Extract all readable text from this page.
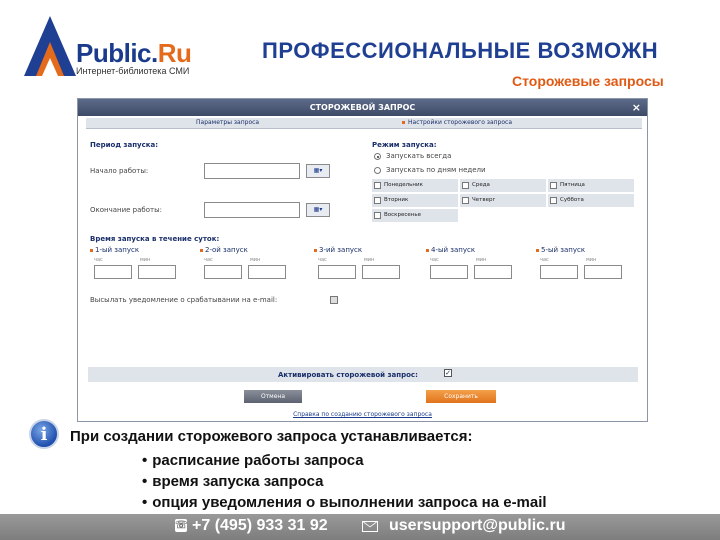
Public.Ru
Интернет-библиотека СМИ
ПРОФЕССИОНАЛЬНЫЕ ВОЗМОЖН
Сторожевые запросы
СТОРОЖЕВОЙ ЗАПРОС	×
Параметры запроса	Настройки сторожевого запроса
Период запуска:
Начало работы:	▦▾
Окончание работы:	▦▾
Режим запуска:
Запускать всегда
Запускать по дням недели
Понедельник	Среда	Пятница
Вторник	Четверг	Суббота
Воскресенье
Время запуска в течение суток:
1-ый запуск
час	мин
2-ой запуск
час	мин
3-ий запуск
час	мин
4-ый запуск
час	мин
5-ый запуск
час	мин
Высылать уведомление о срабатывании на e-mail:
Активировать сторожевой запрос:	✓
Отмена	Сохранить
Справка по созданию сторожевого запроса
i	При создании сторожевого запроса устанавливается:
• расписание работы запроса
• время запуска запроса
• опция уведомления о выполнении запроса на e-mail
☏ +7 (495) 933 31 92	usersupport@public.ru
